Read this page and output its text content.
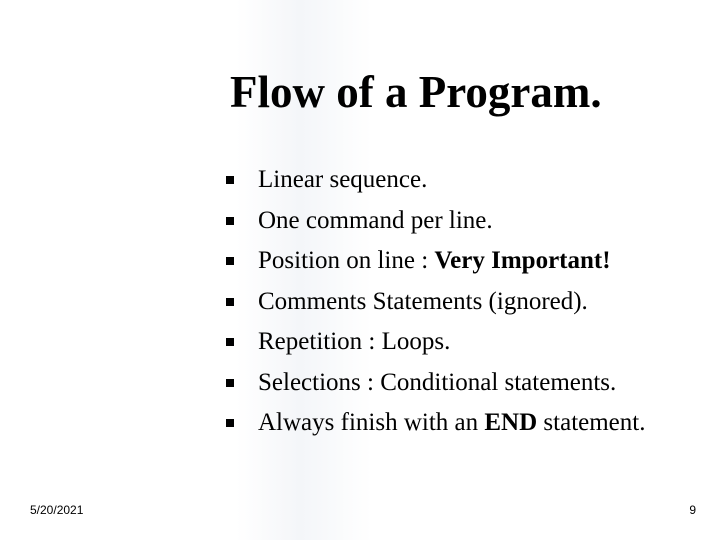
Flow of a Program.
Linear sequence.
One command per line.
Position on line : Very Important!
Comments Statements (ignored).
Repetition : Loops.
Selections : Conditional statements.
Always finish with an END statement.
5/20/2021	9
